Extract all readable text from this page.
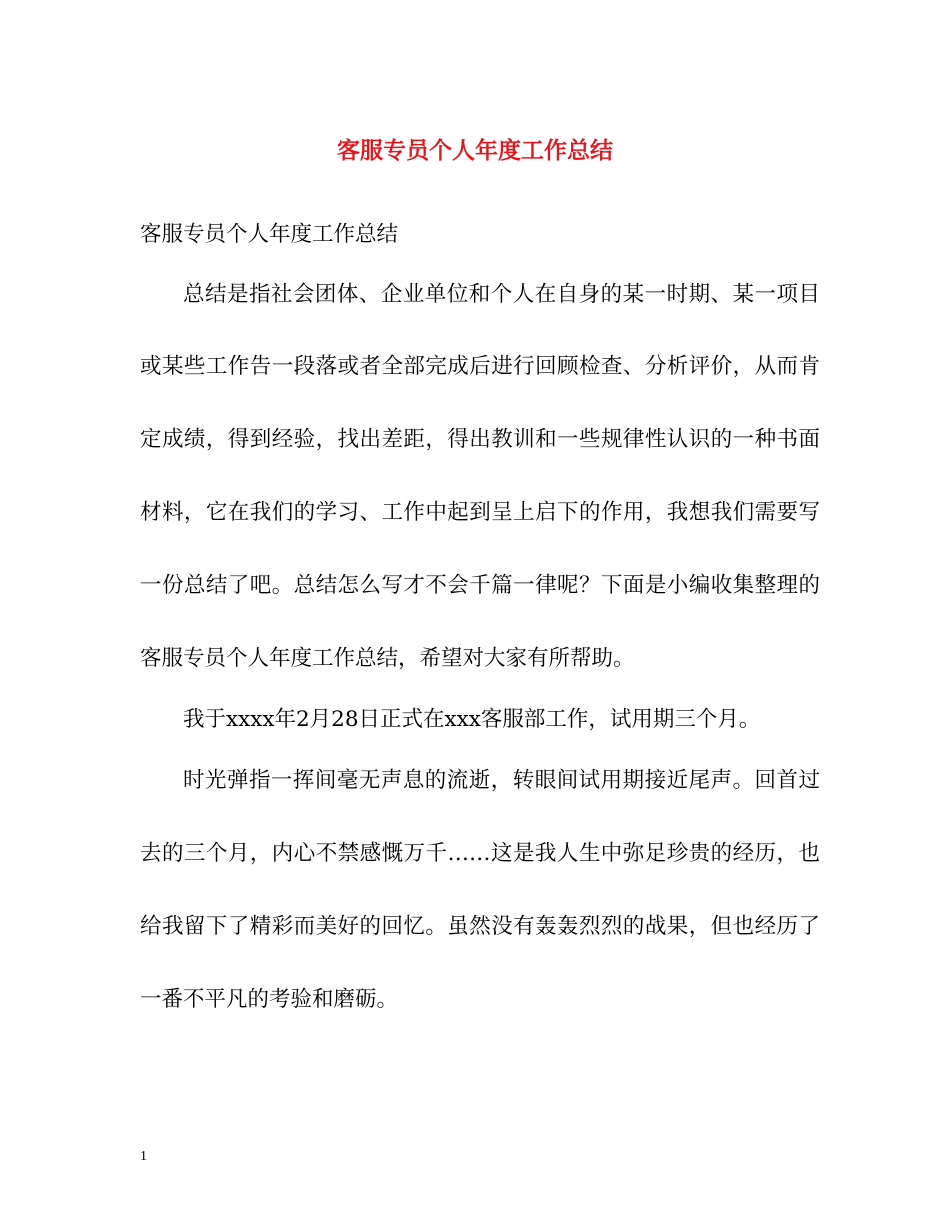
客服专员个人年度工作总结
客服专员个人年度工作总结
总结是指社会团体、企业单位和个人在自身的某一时期、某一项目
或某些工作告一段落或者全部完成后进行回顾检查、分析评价，从而肯
定成绩，得到经验，找出差距，得出教训和一些规律性认识的一种书面
材料，它在我们的学习、工作中起到呈上启下的作用，我想我们需要写
一份总结了吧。总结怎么写才不会千篇一律呢？下面是小编收集整理的
客服专员个人年度工作总结，希望对大家有所帮助。
我于xxxx年2月28日正式在xxx客服部工作，试用期三个月。
时光弹指一挥间毫无声息的流逝，转眼间试用期接近尾声。回首过
去的三个月，内心不禁感慨万千……这是我人生中弥足珍贵的经历，也
给我留下了精彩而美好的回忆。虽然没有轰轰烈烈的战果，但也经历了
一番不平凡的考验和磨砺。
1
